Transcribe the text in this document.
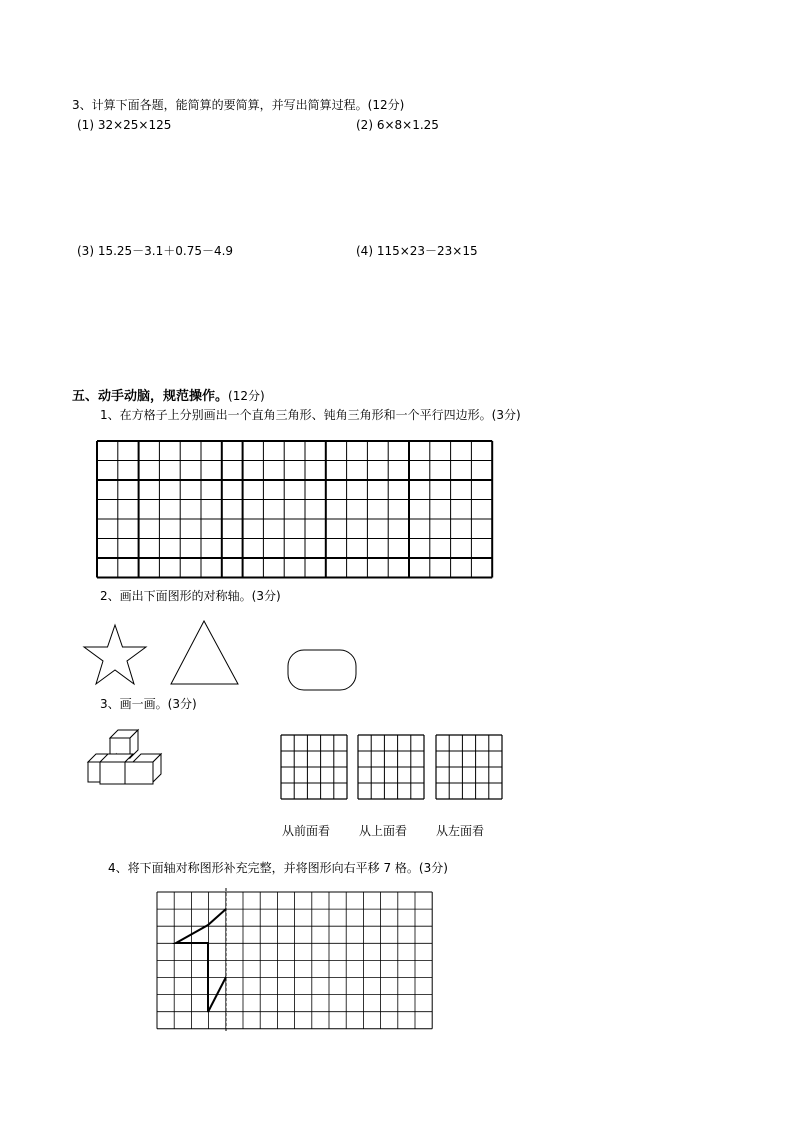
3、计算下面各题，能简算的要简算，并写出简算过程。(12分)
(1) 32×25×125	(2) 6×8×1.25
(3) 15.25－3.1＋0.75－4.9	(4) 115×23－23×15
五、动手动脑，规范操作。(12分)
1、在方格子上分别画出一个直角三角形、钝角三角形和一个平行四边形。(3分)
2、画出下面图形的对称轴。(3分)
3、画一画。(3分)
从前面看 从上面看 从左面看
4、将下面轴对称图形补充完整，并将图形向右平移 7 格。(3分)
